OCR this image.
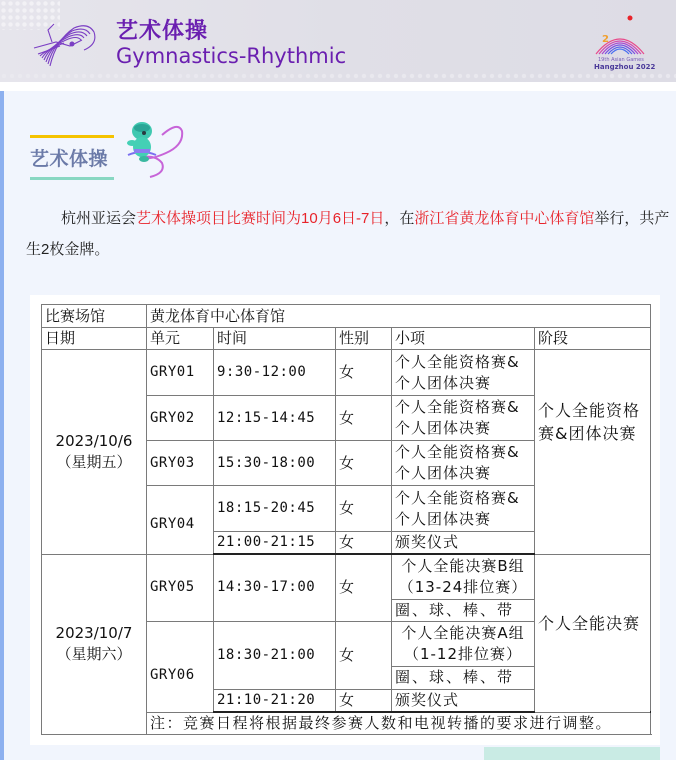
艺术体操
Gymnastics-Rhythmic
2
19th Asian Games
Hangzhou 2022
艺术体操

杭州亚运会艺术体操项目比赛时间为10月6日-7日，在浙江省黄龙体育中心体育馆举行，共产生2枚金牌。

比赛场馆	黄龙体育中心体育馆					
日期	单元	时间	性别	小项	阶段	

2023/10/6
（星期五）	GRY01	9:30-12:00	女	个人全能资格赛&个人团体决赛	个人全能资格赛&团体决赛	
	GRY02	12:15-14:45	女	个人全能资格赛&个人团体决赛		
	GRY03	15:30-18:00	女	个人全能资格赛&个人团体决赛		
	GRY04	18:15-20:45	女	个人全能资格赛&个人团体决赛		
		21:00-21:15	女	颁奖仪式		

2023/10/7
（星期六）	GRY05	14:30-17:00	女	个人全能决赛B组（13-24排位赛）	个人全能决赛	
				圈、球、棒、带		
	GRY06	18:30-21:00	女	个人全能决赛A组（1-12排位赛）		
				圈、球、棒、带		
		21:10-21:20	女	颁奖仪式		
	注：竞赛日程将根据最终参赛人数和电视转播的要求进行调整。					
